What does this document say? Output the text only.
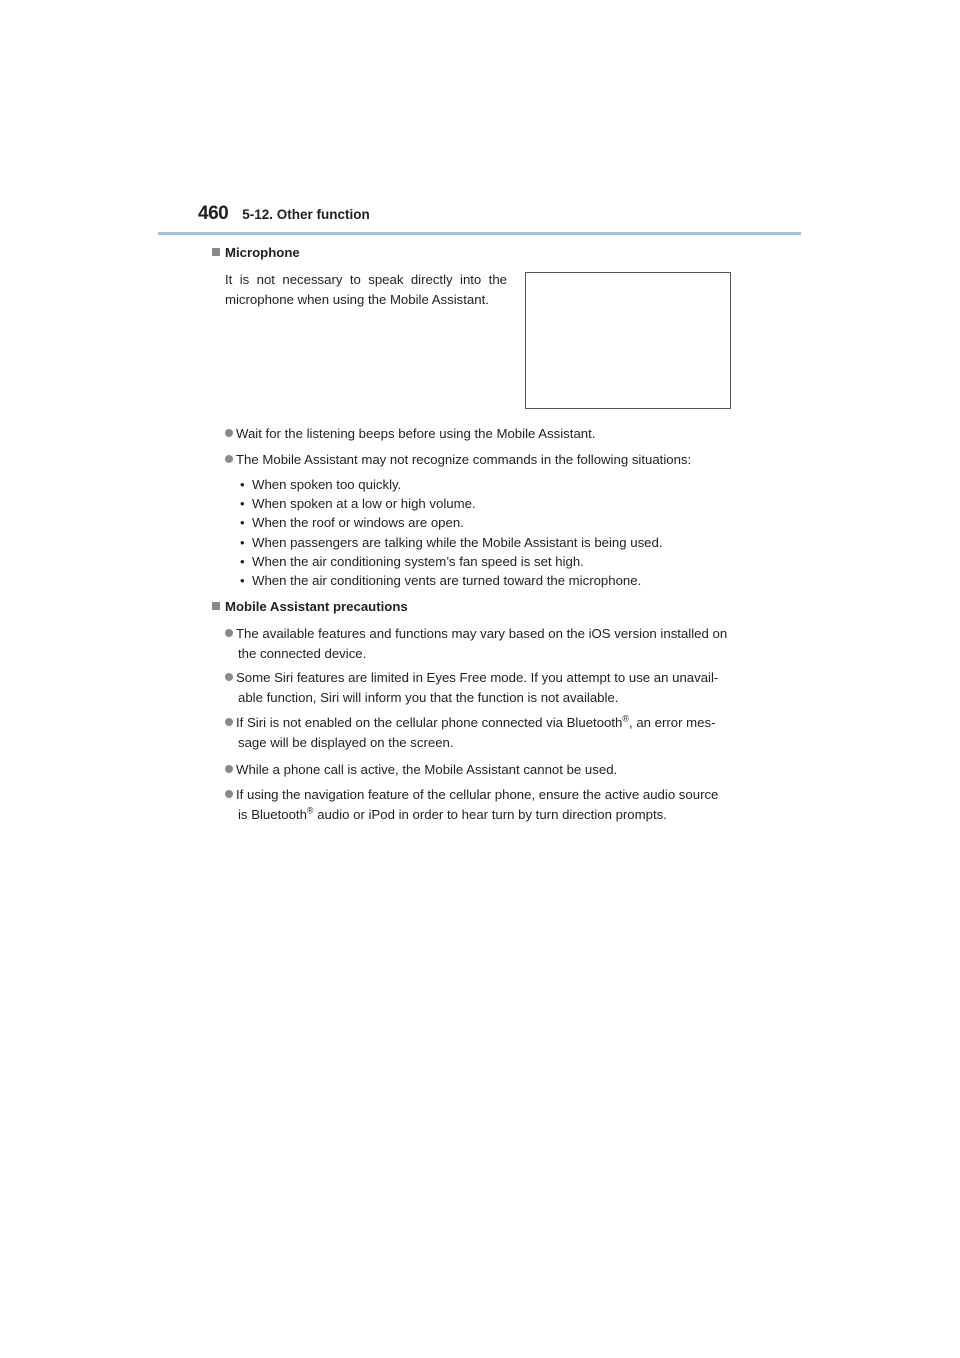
460 5-12. Other function
Microphone
It is not necessary to speak directly into the
microphone when using the Mobile Assistant.
Wait for the listening beeps before using the Mobile Assistant.
The Mobile Assistant may not recognize commands in the following situations:
• When spoken too quickly.
• When spoken at a low or high volume.
• When the roof or windows are open.
• When passengers are talking while the Mobile Assistant is being used.
• When the air conditioning system’s fan speed is set high.
• When the air conditioning vents are turned toward the microphone.
Mobile Assistant precautions
The available features and functions may vary based on the iOS version installed on
the connected device.
Some Siri features are limited in Eyes Free mode. If you attempt to use an unavail-
able function, Siri will inform you that the function is not available.
If Siri is not enabled on the cellular phone connected via Bluetooth®, an error mes-
sage will be displayed on the screen.
While a phone call is active, the Mobile Assistant cannot be used.
If using the navigation feature of the cellular phone, ensure the active audio source
is Bluetooth® audio or iPod in order to hear turn by turn direction prompts.
